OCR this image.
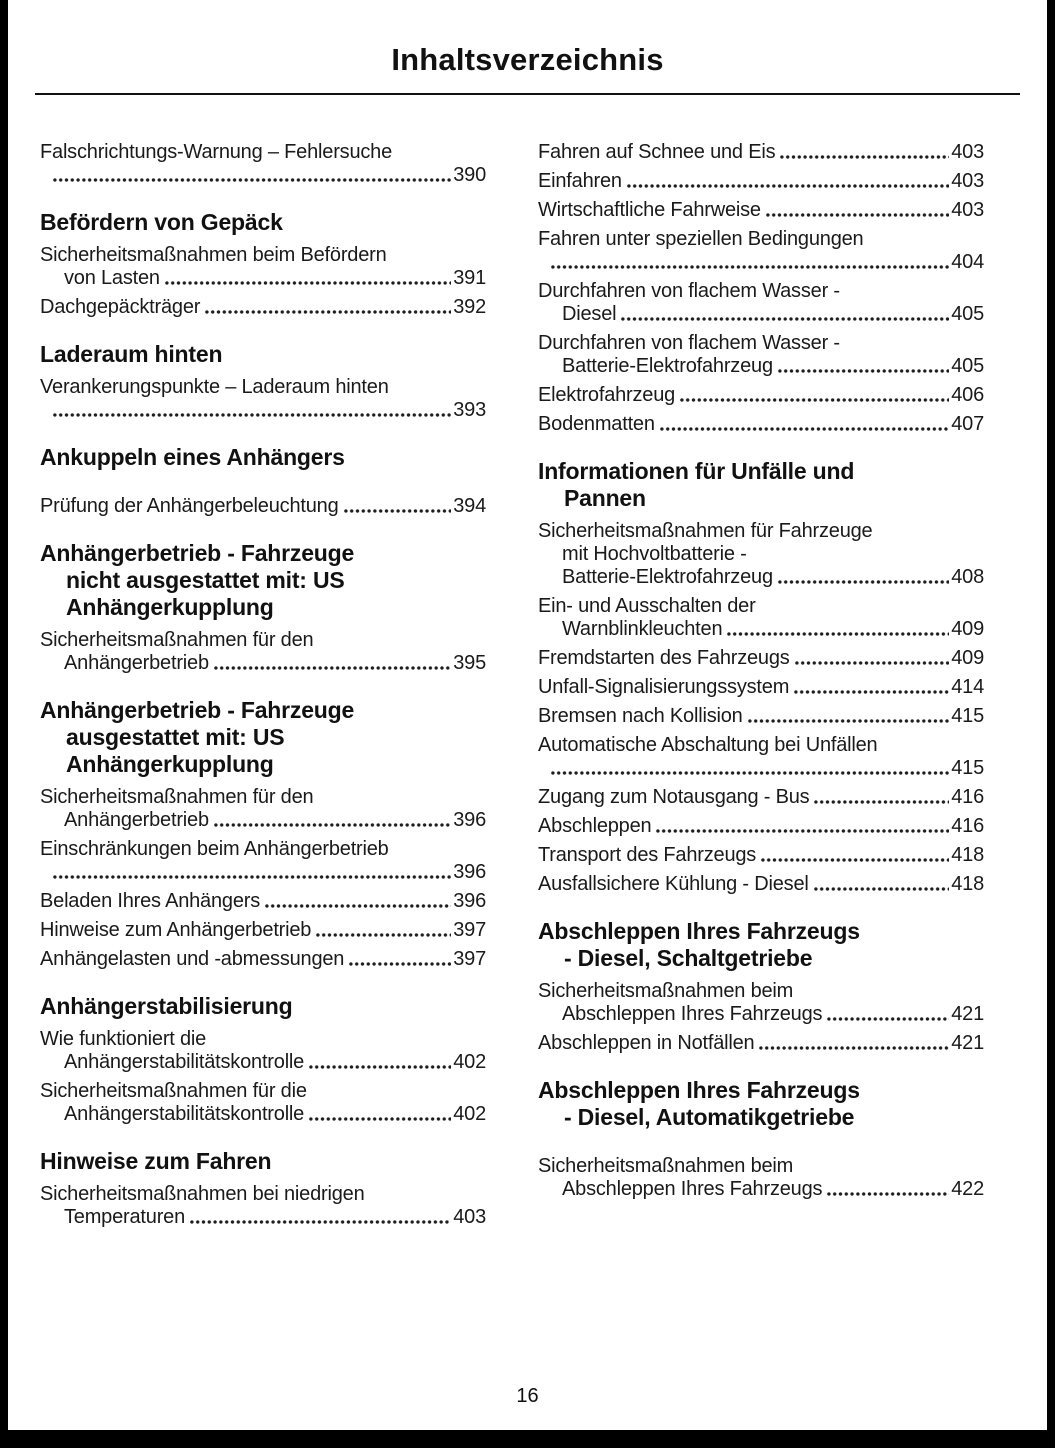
Inhaltsverzeichnis
Falschrichtungs-Warnung – Fehlersuche
390
Befördern von Gepäck
Sicherheitsmaßnahmen beim Befördern
von Lasten	391
Dachgepäckträger	392
Laderaum hinten
Verankerungspunkte – Laderaum hinten
393
Ankuppeln eines Anhängers
Prüfung der Anhängerbeleuchtung	394
Anhängerbetrieb - Fahrzeuge
nicht ausgestattet mit: US
Anhängerkupplung
Sicherheitsmaßnahmen für den
Anhängerbetrieb	395
Anhängerbetrieb - Fahrzeuge
ausgestattet mit: US
Anhängerkupplung
Sicherheitsmaßnahmen für den
Anhängerbetrieb	396
Einschränkungen beim Anhängerbetrieb
396
Beladen Ihres Anhängers	396
Hinweise zum Anhängerbetrieb	397
Anhängelasten und -abmessungen	397
Anhängerstabilisierung
Wie funktioniert die
Anhängerstabilitätskontrolle	402
Sicherheitsmaßnahmen für die
Anhängerstabilitätskontrolle	402
Hinweise zum Fahren
Sicherheitsmaßnahmen bei niedrigen
Temperaturen	403
Fahren auf Schnee und Eis	403
Einfahren	403
Wirtschaftliche Fahrweise	403
Fahren unter speziellen Bedingungen
404
Durchfahren von flachem Wasser -
Diesel	405
Durchfahren von flachem Wasser -
Batterie-Elektrofahrzeug	405
Elektrofahrzeug	406
Bodenmatten	407
Informationen für Unfälle und
Pannen
Sicherheitsmaßnahmen für Fahrzeuge
mit Hochvoltbatterie -
Batterie-Elektrofahrzeug	408
Ein- und Ausschalten der
Warnblinkleuchten	409
Fremdstarten des Fahrzeugs	409
Unfall-Signalisierungssystem	414
Bremsen nach Kollision	415
Automatische Abschaltung bei Unfällen
415
Zugang zum Notausgang - Bus	416
Abschleppen	416
Transport des Fahrzeugs	418
Ausfallsichere Kühlung - Diesel	418
Abschleppen Ihres Fahrzeugs
- Diesel, Schaltgetriebe
Sicherheitsmaßnahmen beim
Abschleppen Ihres Fahrzeugs	421
Abschleppen in Notfällen	421
Abschleppen Ihres Fahrzeugs
- Diesel, Automatikgetriebe
Sicherheitsmaßnahmen beim
Abschleppen Ihres Fahrzeugs	422
16
